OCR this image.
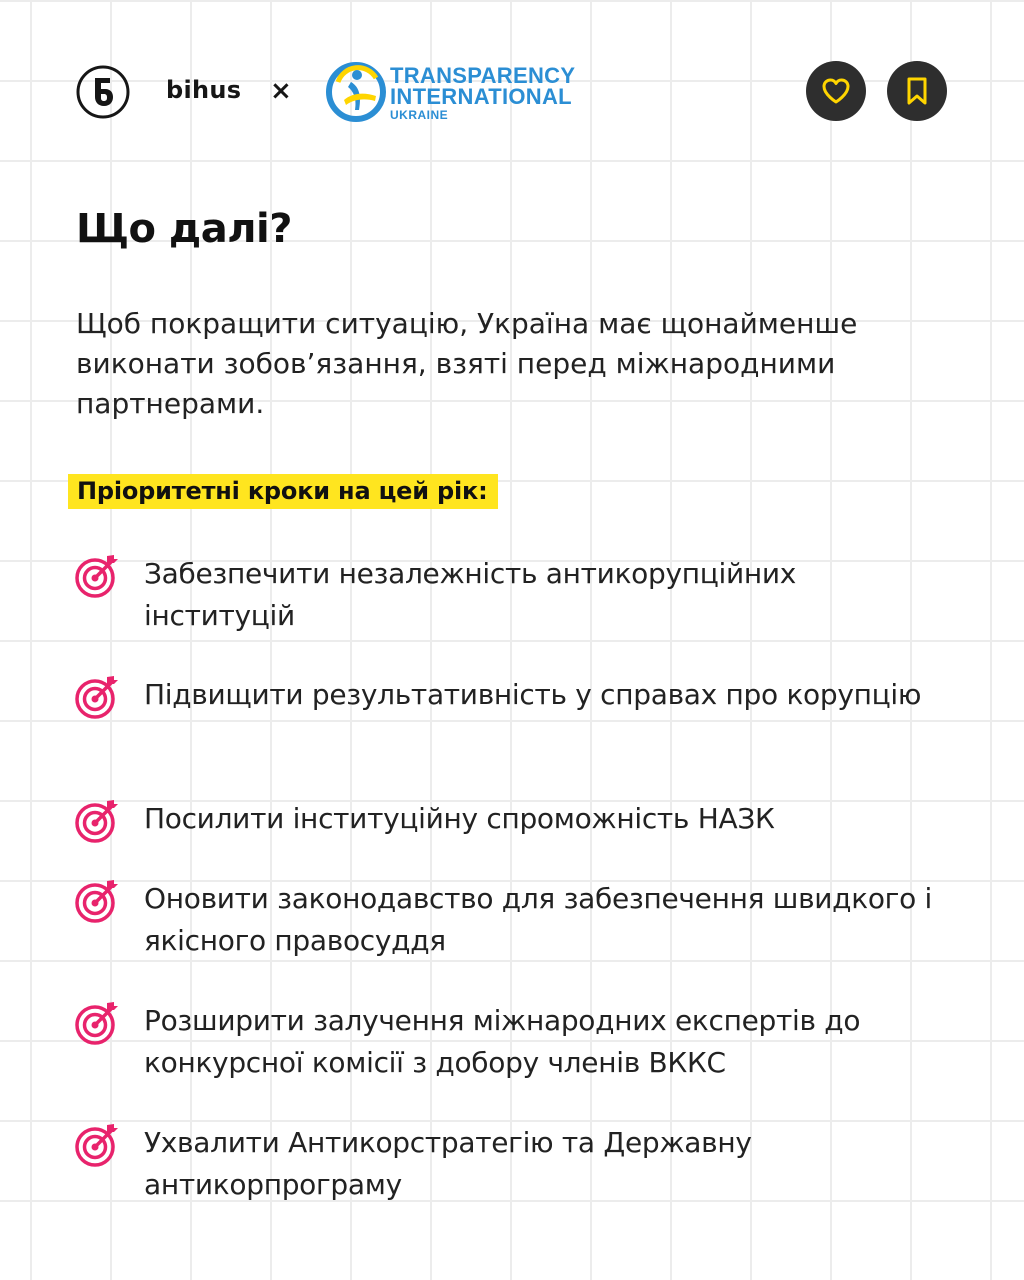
bihus ×
TRANSPARENCY
INTERNATIONAL
UKRAINE
Що далі?

Щоб покращити ситуацію, Україна має щонайменше виконати зобов’язання, взяті перед міжнародними партнерами.

Пріоритетні кроки на цей рік:
Забезпечити незалежність антикорупційних інституцій
Підвищити результативність у справах про корупцію
Посилити інституційну спроможність НАЗК
Оновити законодавство для забезпечення швидкого і якісного правосуддя
Розширити залучення міжнародних експертів до конкурсної комісії з добору членів ВККС
Ухвалити Антикорстратегію та Державну антикорпрограму
